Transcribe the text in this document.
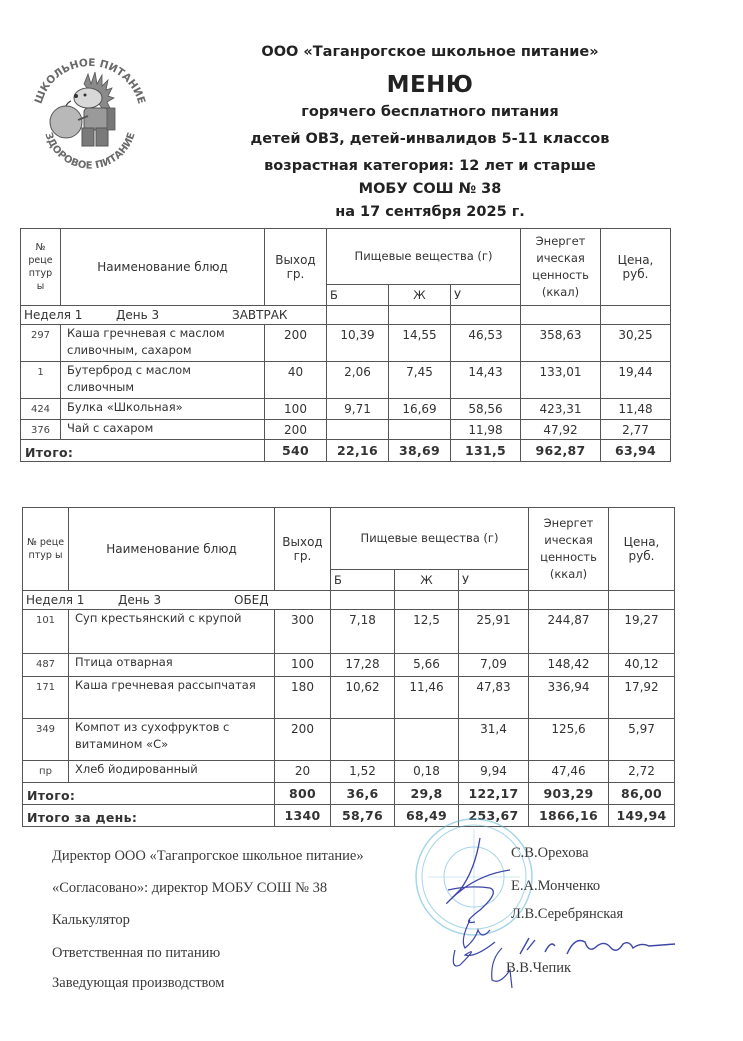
ШКОЛЬНОЕ ПИТАНИЕ
ЗДОРОВОЕ ПИТАНИЕ
ООО «Таганрогское школьное питание»
МЕНЮ
горячего бесплатного питания
детей ОВЗ, детей-инвалидов 5-11 классов
возрастная категория: 12 лет и старше
МОБУ СОШ № 38
на 17 сентября 2025 г.
№ реце птур ы	Наименование блюд	Выход гр.	Пищевые вещества (г)			Энергет ическая ценность (ккал)	Цена, руб.
			Б	Ж	У		
Неделя 1 День 3 ЗАВТРАК							
297	Каша гречневая с маслом сливочным, сахаром	200	10,39	14,55	46,53	358,63	30,25
1	Бутерброд с маслом сливочным	40	2,06	7,45	14,43	133,01	19,44
424	Булка «Школьная»	100	9,71	16,69	58,56	423,31	11,48
376	Чай с сахаром	200			11,98	47,92	2,77
Итого:		540	22,16	38,69	131,5	962,87	63,94
№ реце птур ы	Наименование блюд	Выход гр.	Пищевые вещества (г)			Энергет ическая ценность (ккал)	Цена, руб.
			Б	Ж	У		
Неделя 1 День 3 ОБЕД							
101	Суп крестьянский с крупой	300	7,18	12,5	25,91	244,87	19,27
487	Птица отварная	100	17,28	5,66	7,09	148,42	40,12
171	Каша гречневая рассыпчатая	180	10,62	11,46	47,83	336,94	17,92
349	Компот из сухофруктов с витамином «С»	200			31,4	125,6	5,97
пр	Хлеб йодированный	20	1,52	0,18	9,94	47,46	2,72
Итого:		800	36,6	29,8	122,17	903,29	86,00
Итого за день:		1340	58,76	68,49	253,67	1866,16	149,94
Директор ООО «Тагапрогское школьное питание»	С.В.Орехова
«Согласовано»: директор МОБУ СОШ № 38	Е.А.Монченко
Калькулятор	Л.В.Серебрянская
Ответственная по питанию
Заведующая производством
В.В.Чепик
